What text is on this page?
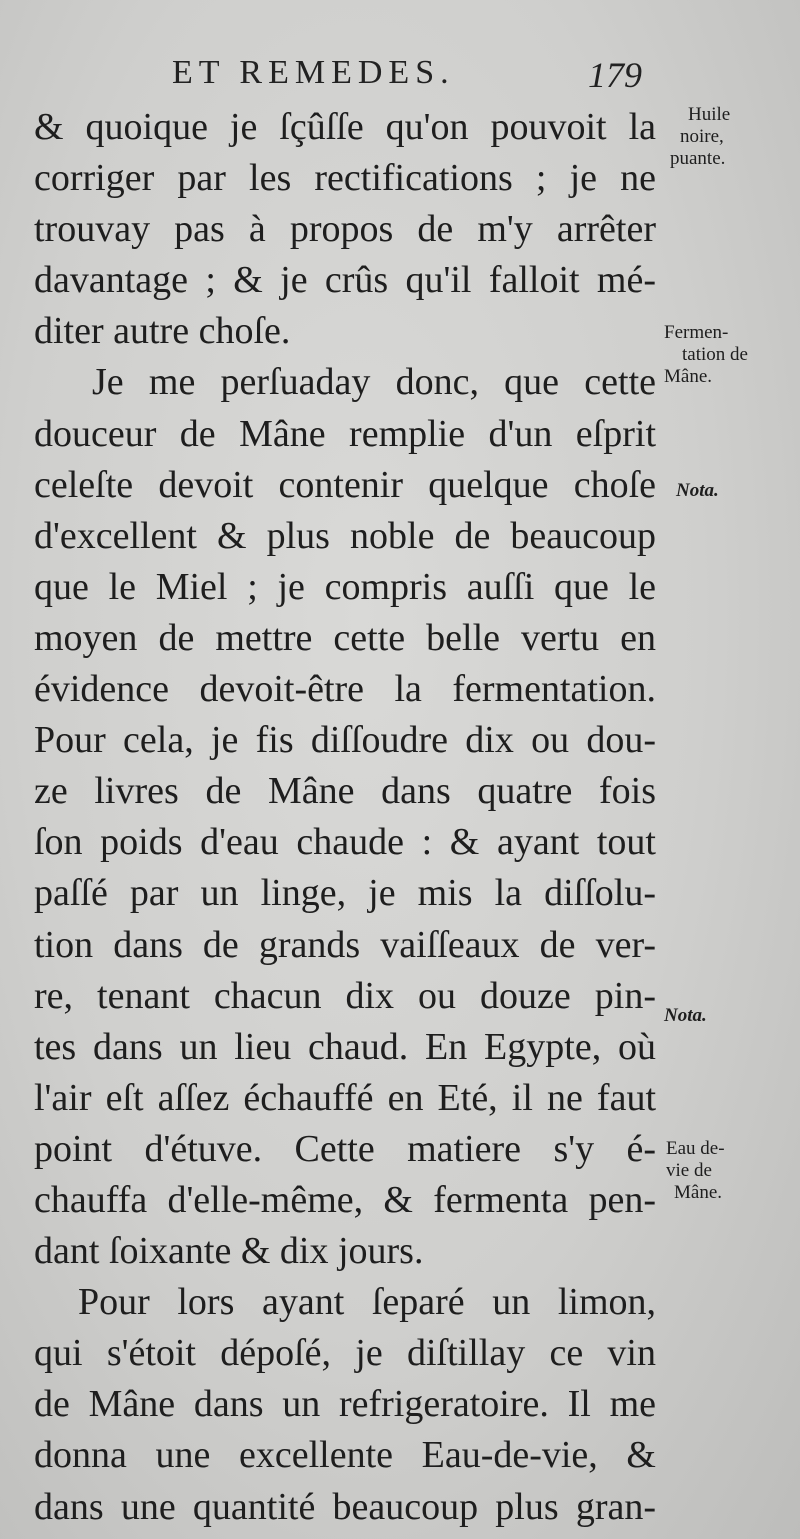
ET REMEDES.	179
& quoique je ſçûſſe qu'on pouvoit la
corriger par les rectifications ; je ne
trouvay pas à propos de m'y arrêter
davantage ; & je crûs qu'il falloit mé-
diter autre choſe.
Je me perſuaday donc, que cette
douceur de Mâne remplie d'un eſprit
celeſte devoit contenir quelque choſe
d'excellent & plus noble de beaucoup
que le Miel ; je compris auſſi que le
moyen de mettre cette belle vertu en
évidence devoit-être la fermentation.
Pour cela, je fis diſſoudre dix ou dou-
ze livres de Mâne dans quatre fois
ſon poids d'eau chaude : & ayant tout
paſſé par un linge, je mis la diſſolu-
tion dans de grands vaiſſeaux de ver-
re, tenant chacun dix ou douze pin-
tes dans un lieu chaud. En Egypte, où
l'air eſt aſſez échauffé en Eté, il ne faut
point d'étuve. Cette matiere s'y é-
chauffa d'elle-même, & fermenta pen-
dant ſoixante & dix jours.
Pour lors ayant ſeparé un limon,
qui s'étoit dépoſé, je diſtillay ce vin
de Mâne dans un refrigeratoire. Il me
donna une excellente Eau-de-vie, &
dans une quantité beaucoup plus gran-
Huile
noire,
puante.
Fermen-
tation de
Mâne.
Nota.
Nota.
Eau de-
vie de
Mâne.
